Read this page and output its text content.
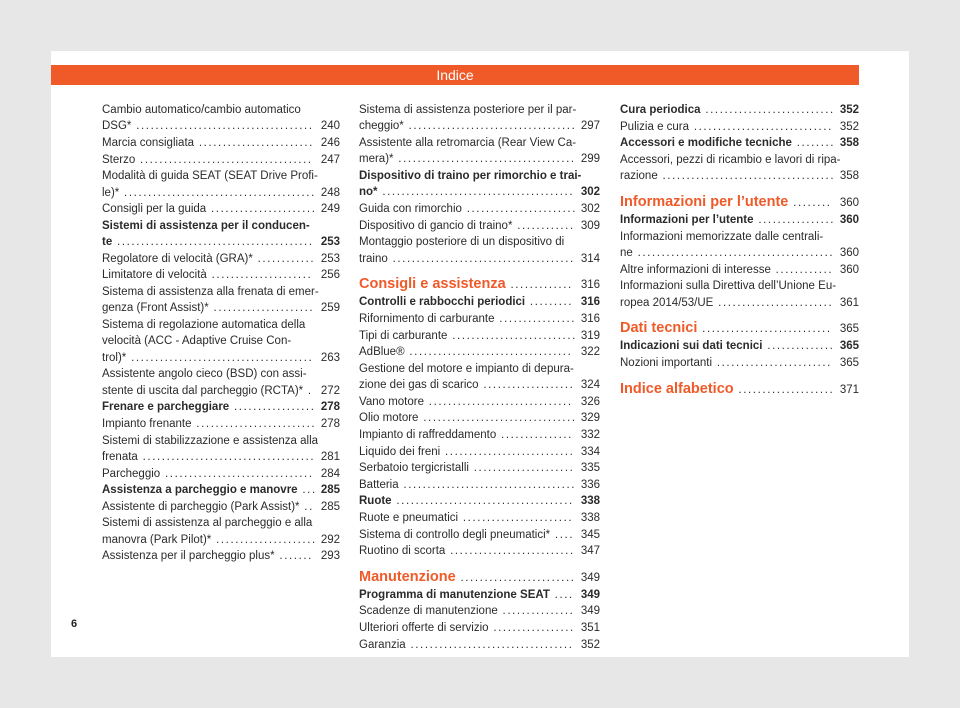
Indice
Cambio automatico/cambio automatico
DSG* ..................................... 240
Marcia consigliata ........................ 246
Sterzo .................................... 247
Modalità di guida SEAT (SEAT Drive Profi-
le)* ........................................ 248
Consigli per la guida ...................... 249
Sistemi di assistenza per il conducen-
te ......................................... 253
Regolatore di velocità (GRA)* ............ 253
Limitatore di velocità ..................... 256
Sistema di assistenza alla frenata di emer-
genza (Front Assist)* ..................... 259
Sistema di regolazione automatica della
velocità (ACC - Adaptive Cruise Con-
trol)* ...................................... 263
Assistente angolo cieco (BSD) con assi-
stente di uscita dal parcheggio (RCTA)* . 272
Frenare e parcheggiare ................. 278
Impianto frenante ......................... 278
Sistemi di stabilizzazione e assistenza alla
frenata .................................... 281
Parcheggio ............................... 284
Assistenza a parcheggio e manovre ... 285
Assistente di parcheggio (Park Assist)* .. 285
Sistemi di assistenza al parcheggio e alla
manovra (Park Pilot)* ..................... 292
Assistenza per il parcheggio plus* ....... 293
Sistema di assistenza posteriore per il par-
cheggio* ................................... 297
Assistente alla retromarcia (Rear View Ca-
mera)* ..................................... 299
Dispositivo di traino per rimorchio e trai-
no* ........................................ 302
Guida con rimorchio ....................... 302
Dispositivo di gancio di traino* ............ 309
Montaggio posteriore di un dispositivo di
traino ...................................... 314
Consigli e assistenza ............. 316
Controlli e rabbocchi periodici ......... 316
Rifornimento di carburante ................ 316
Tipi di carburante .......................... 319
AdBlue® .................................. 322
Gestione del motore e impianto di depura-
zione dei gas di scarico ................... 324
Vano motore .............................. 326
Olio motore ................................ 329
Impianto di raffreddamento ............... 332
Liquido dei freni ........................... 334
Serbatoio tergicristalli ..................... 335
Batteria .................................... 336
Ruote ..................................... 338
Ruote e pneumatici ....................... 338
Sistema di controllo degli pneumatici* .... 345
Ruotino di scorta .......................... 347
Manutenzione ........................ 349
Programma di manutenzione SEAT .... 349
Scadenze di manutenzione ............... 349
Ulteriori offerte di servizio ................. 351
Garanzia .................................. 352
Cura periodica ........................... 352
Pulizia e cura ............................. 352
Accessori e modifiche tecniche ........ 358
Accessori, pezzi di ricambio e lavori di ripa-
razione .................................... 358
Informazioni per l’utente ........ 360
Informazioni per l’utente ................ 360
Informazioni memorizzate dalle centrali-
ne ......................................... 360
Altre informazioni di interesse ............ 360
Informazioni sulla Direttiva dell’Unione Eu-
ropea 2014/53/UE ........................ 361
Dati tecnici ........................... 365
Indicazioni sui dati tecnici .............. 365
Nozioni importanti ........................ 365
Indice alfabetico .................... 371
6
